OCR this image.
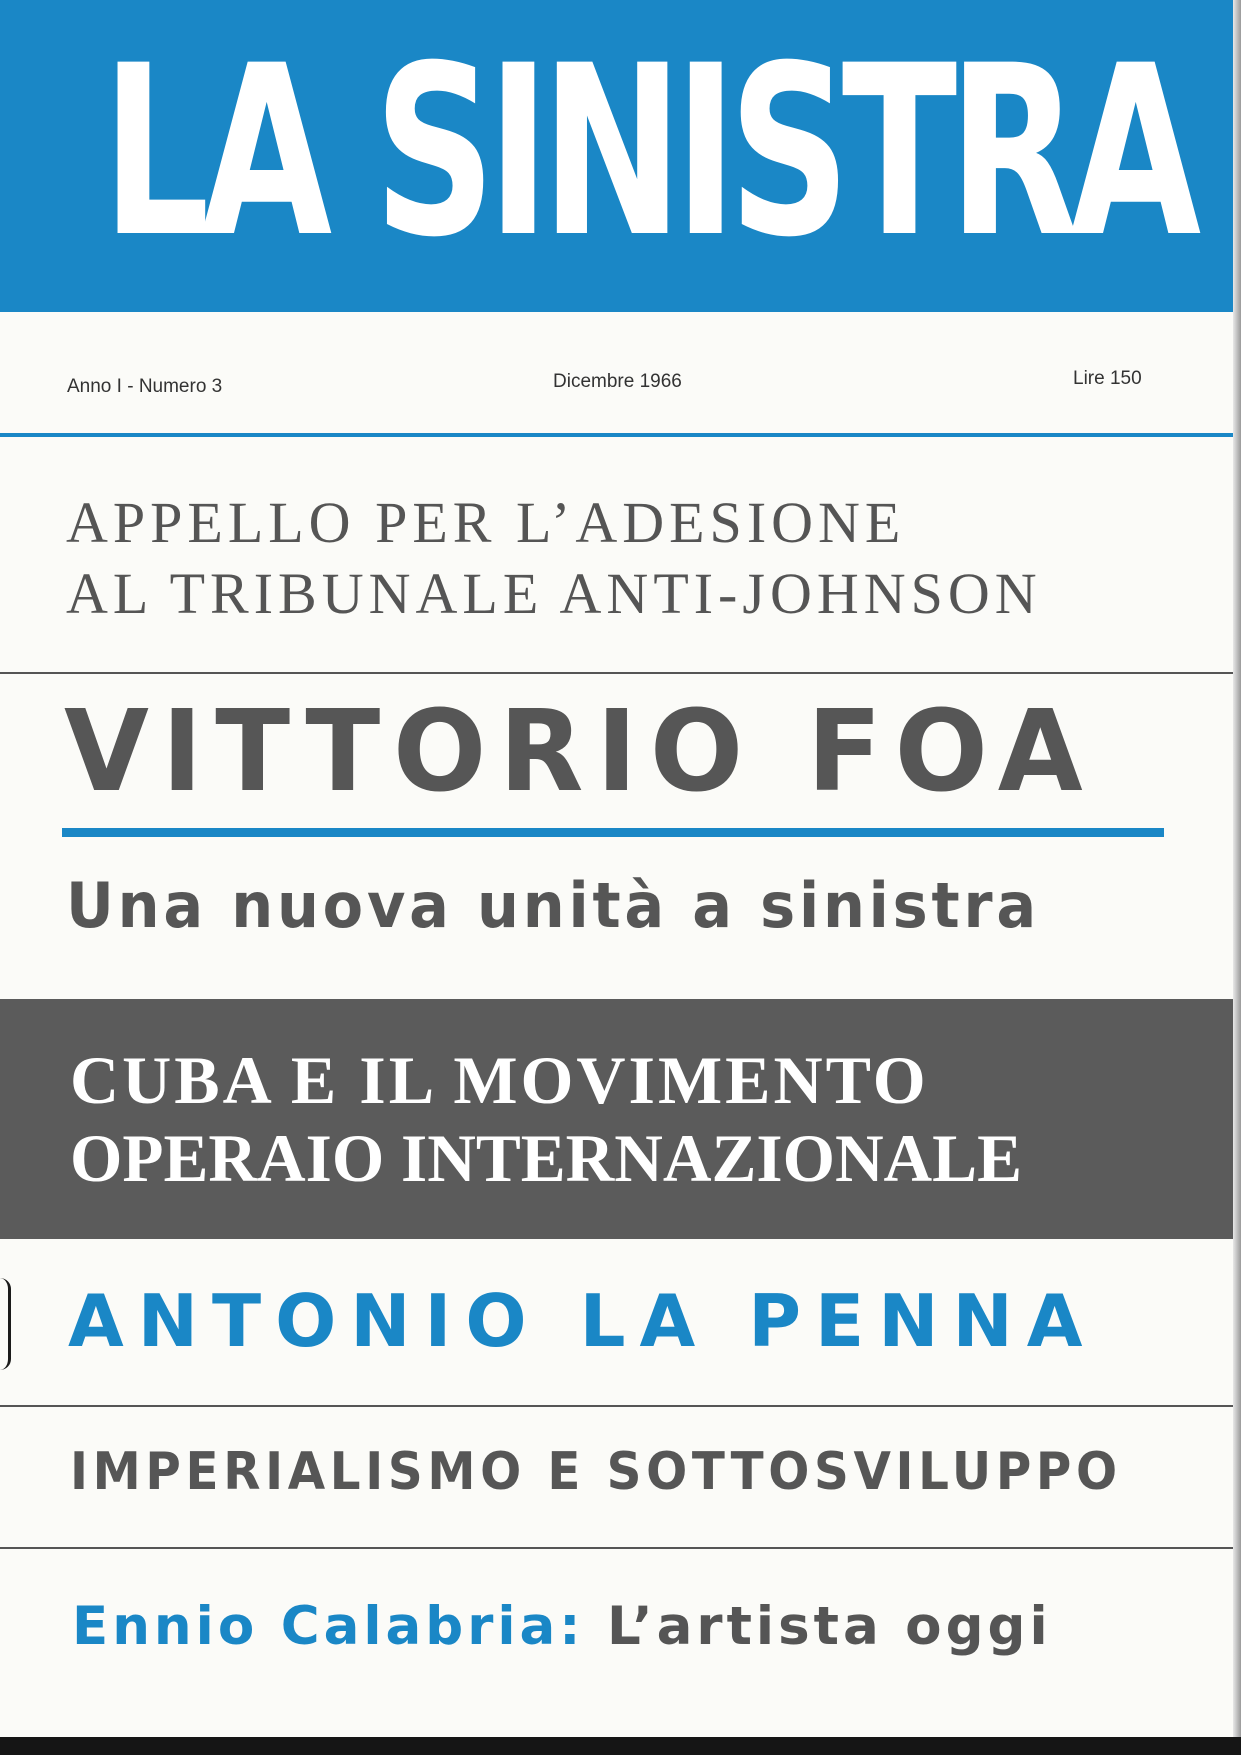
LA SINISTRA
Anno I - Numero 3	Dicembre 1966	Lire 150
APPELLO PER L’ADESIONE
AL TRIBUNALE ANTI-JOHNSON
VITTORIO FOA
Una nuova unità a sinistra
CUBA E IL MOVIMENTO
OPERAIO INTERNAZIONALE
ANTONIO LA PENNA
IMPERIALISMO E SOTTOSVILUPPO
Ennio Calabria: L’artista oggi
